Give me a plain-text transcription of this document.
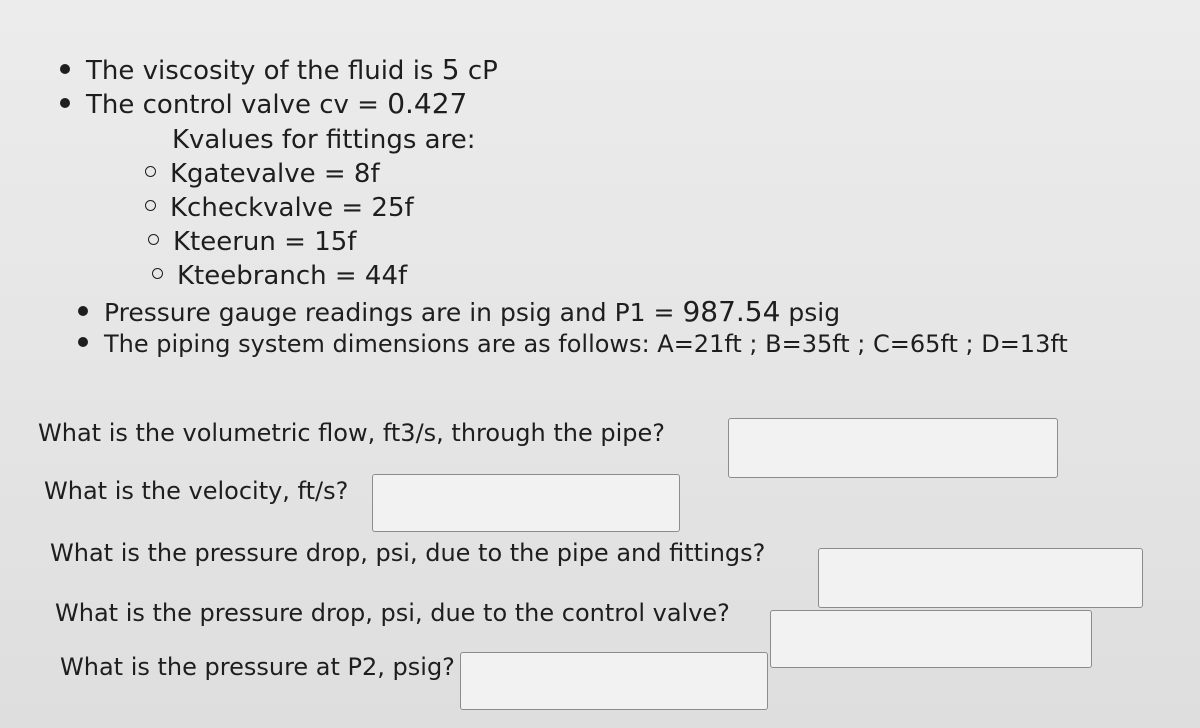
The viscosity of the fluid is 5 cP
The control valve cv = 0.427
Kvalues for fittings are:
Kgatevalve = 8f
Kcheckvalve = 25f
Kteerun = 15f
Kteebranch = 44f
Pressure gauge readings are in psig and P1 = 987.54 psig
The piping system dimensions are as follows: A=21ft ; B=35ft ; C=65ft ; D=13ft
What is the volumetric flow, ft3/s, through the pipe?
What is the velocity, ft/s?
What is the pressure drop, psi, due to the pipe and fittings?
What is the pressure drop, psi, due to the control valve?
What is the pressure at P2, psig?
